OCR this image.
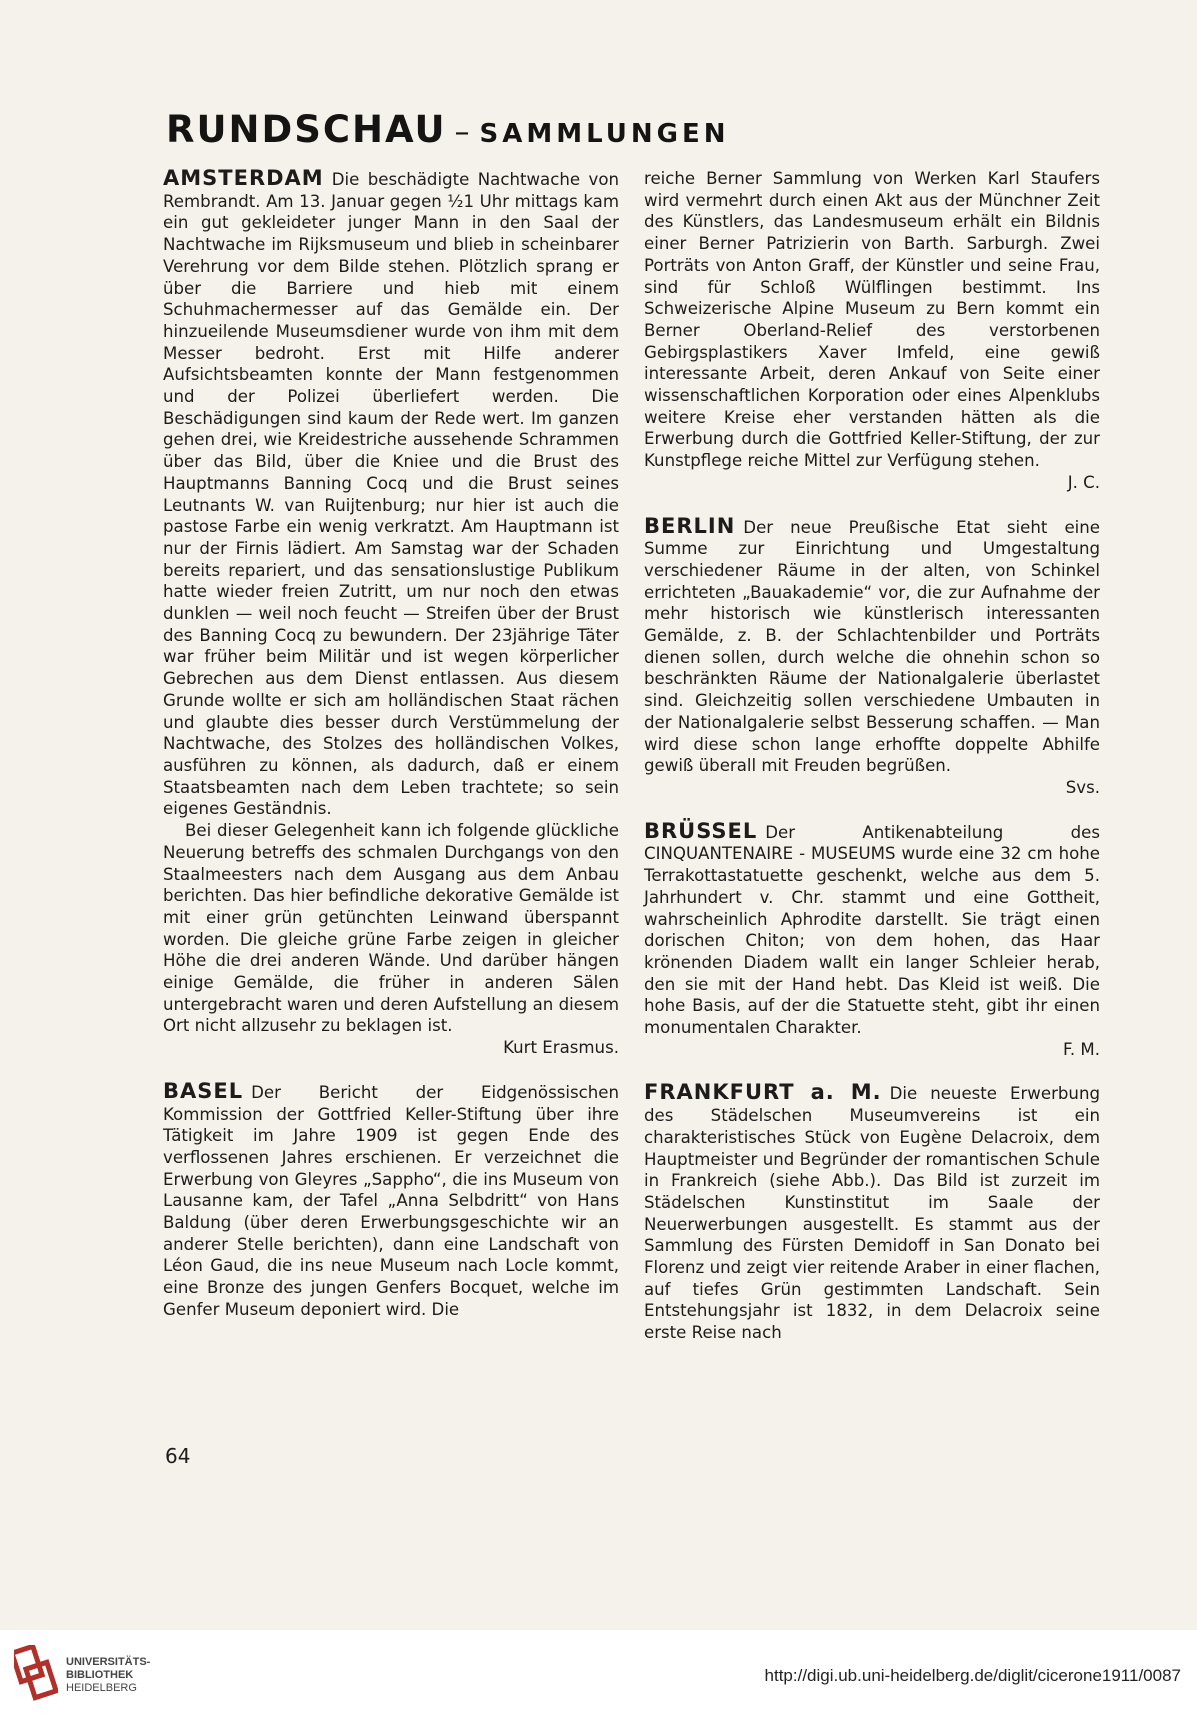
RUNDSCHAU – SAMMLUNGEN

AMSTERDAM Die beschädigte Nachtwache von Rembrandt. Am 13. Januar gegen ½1 Uhr mittags kam ein gut gekleideter junger Mann in den Saal der Nachtwache im Rijksmuseum und blieb in scheinbarer Verehrung vor dem Bilde stehen. Plötzlich sprang er über die Barriere und hieb mit einem Schuhmachermesser auf das Gemälde ein. Der hinzueilende Museumsdiener wurde von ihm mit dem Messer bedroht. Erst mit Hilfe anderer Aufsichtsbeamten konnte der Mann festgenommen und der Polizei überliefert werden. Die Beschädigungen sind kaum der Rede wert. Im ganzen gehen drei, wie Kreidestriche aussehende Schrammen über das Bild, über die Kniee und die Brust des Hauptmanns Banning Cocq und die Brust seines Leutnants W. van Ruijtenburg; nur hier ist auch die pastose Farbe ein wenig verkratzt. Am Hauptmann ist nur der Firnis lädiert. Am Samstag war der Schaden bereits repariert, und das sensationslustige Publikum hatte wieder freien Zutritt, um nur noch den etwas dunklen — weil noch feucht — Streifen über der Brust des Banning Cocq zu bewundern. Der 23jährige Täter war früher beim Militär und ist wegen körperlicher Gebrechen aus dem Dienst entlassen. Aus diesem Grunde wollte er sich am holländischen Staat rächen und glaubte dies besser durch Verstümmelung der Nachtwache, des Stolzes des holländischen Volkes, ausführen zu können, als dadurch, daß er einem Staatsbeamten nach dem Leben trachtete; so sein eigenes Geständnis.

Bei dieser Gelegenheit kann ich folgende glückliche Neuerung betreffs des schmalen Durchgangs von den Staalmeesters nach dem Ausgang aus dem Anbau berichten. Das hier befindliche dekorative Gemälde ist mit einer grün getünchten Leinwand überspannt worden. Die gleiche grüne Farbe zeigen in gleicher Höhe die drei anderen Wände. Und darüber hängen einige Gemälde, die früher in anderen Sälen untergebracht waren und deren Aufstellung an diesem Ort nicht allzusehr zu beklagen ist.

Kurt Erasmus.

BASEL Der Bericht der Eidgenössischen Kommission der Gottfried Keller-Stiftung über ihre Tätigkeit im Jahre 1909 ist gegen Ende des verflossenen Jahres erschienen. Er verzeichnet die Erwerbung von Gleyres „Sappho“, die ins Museum von Lausanne kam, der Tafel „Anna Selbdritt“ von Hans Baldung (über deren Erwerbungsgeschichte wir an anderer Stelle berichten), dann eine Landschaft von Léon Gaud, die ins neue Museum nach Locle kommt, eine Bronze des jungen Genfers Bocquet, welche im Genfer Museum deponiert wird. Die

reiche Berner Sammlung von Werken Karl Staufers wird vermehrt durch einen Akt aus der Münchner Zeit des Künstlers, das Landesmuseum erhält ein Bildnis einer Berner Patrizierin von Barth. Sarburgh. Zwei Porträts von Anton Graff, der Künstler und seine Frau, sind für Schloß Wülflingen bestimmt. Ins Schweizerische Alpine Museum zu Bern kommt ein Berner Oberland-Relief des verstorbenen Gebirgsplastikers Xaver Imfeld, eine gewiß interessante Arbeit, deren Ankauf von Seite einer wissenschaftlichen Korporation oder eines Alpenklubs weitere Kreise eher verstanden hätten als die Erwerbung durch die Gottfried Keller-Stiftung, der zur Kunstpflege reiche Mittel zur Verfügung stehen.

J. C.

BERLIN Der neue Preußische Etat sieht eine Summe zur Einrichtung und Umgestaltung verschiedener Räume in der alten, von Schinkel errichteten „Bauakademie“ vor, die zur Aufnahme der mehr historisch wie künstlerisch interessanten Gemälde, z. B. der Schlachtenbilder und Porträts dienen sollen, durch welche die ohnehin schon so beschränkten Räume der Nationalgalerie überlastet sind. Gleichzeitig sollen verschiedene Umbauten in der Nationalgalerie selbst Besserung schaffen. — Man wird diese schon lange erhoffte doppelte Abhilfe gewiß überall mit Freuden begrüßen.

Svs.

BRÜSSEL Der Antikenabteilung des CINQUANTENAIRE - MUSEUMS wurde eine 32 cm hohe Terrakottastatuette geschenkt, welche aus dem 5. Jahrhundert v. Chr. stammt und eine Gottheit, wahrscheinlich Aphrodite darstellt. Sie trägt einen dorischen Chiton; von dem hohen, das Haar krönenden Diadem wallt ein langer Schleier herab, den sie mit der Hand hebt. Das Kleid ist weiß. Die hohe Basis, auf der die Statuette steht, gibt ihr einen monumentalen Charakter.

F. M.

FRANKFURT a. M. Die neueste Erwerbung des Städelschen Museumvereins ist ein charakteristisches Stück von Eugène Delacroix, dem Hauptmeister und Begründer der romantischen Schule in Frankreich (siehe Abb.). Das Bild ist zurzeit im Städelschen Kunstinstitut im Saale der Neuerwerbungen ausgestellt. Es stammt aus der Sammlung des Fürsten Demidoff in San Donato bei Florenz und zeigt vier reitende Araber in einer flachen, auf tiefes Grün gestimmten Landschaft. Sein Entstehungsjahr ist 1832, in dem Delacroix seine erste Reise nach

64
UNIVERSITÄTS-
BIBLIOTHEK
HEIDELBERG
http://digi.ub.uni-heidelberg.de/diglit/cicerone1911/0087
